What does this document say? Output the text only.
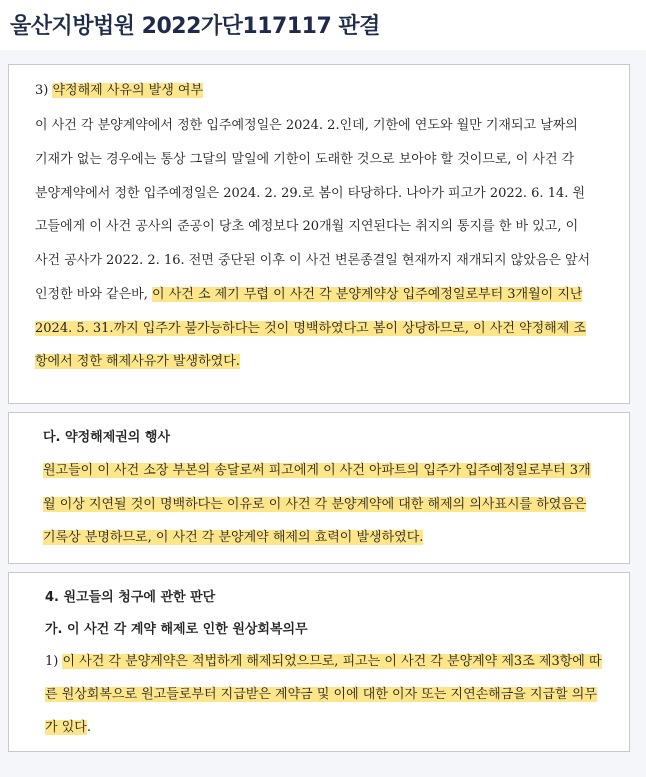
울산지방법원 2022가단117117 판결
3) 약정해제 사유의 발생 여부
이 사건 각 분양계약에서 정한 입주예정일은 2024. 2.인데, 기한에 연도와 월만 기재되고 날짜의
기재가 없는 경우에는 통상 그달의 말일에 기한이 도래한 것으로 보아야 할 것이므로, 이 사건 각
분양계약에서 정한 입주예정일은 2024. 2. 29.로 봄이 타당하다. 나아가 피고가 2022. 6. 14. 원
고들에게 이 사건 공사의 준공이 당초 예정보다 20개월 지연된다는 취지의 통지를 한 바 있고, 이
사건 공사가 2022. 2. 16. 전면 중단된 이후 이 사건 변론종결일 현재까지 재개되지 않았음은 앞서
인정한 바와 같은바, 이 사건 소 제기 무렵 이 사건 각 분양계약상 입주예정일로부터 3개월이 지난
2024. 5. 31.까지 입주가 불가능하다는 것이 명백하였다고 봄이 상당하므로, 이 사건 약정해제 조
항에서 정한 해제사유가 발생하였다.
다. 약정해제권의 행사
원고들이 이 사건 소장 부본의 송달로써 피고에게 이 사건 아파트의 입주가 입주예정일로부터 3개
월 이상 지연될 것이 명백하다는 이유로 이 사건 각 분양계약에 대한 해제의 의사표시를 하였음은
기록상 분명하므로, 이 사건 각 분양계약 해제의 효력이 발생하였다.
4. 원고들의 청구에 관한 판단
가. 이 사건 각 계약 해제로 인한 원상회복의무
1) 이 사건 각 분양계약은 적법하게 해제되었으므로, 피고는 이 사건 각 분양계약 제3조 제3항에 따
른 원상회복으로 원고들로부터 지급받은 계약금 및 이에 대한 이자 또는 지연손해금을 지급할 의무
가 있다.
